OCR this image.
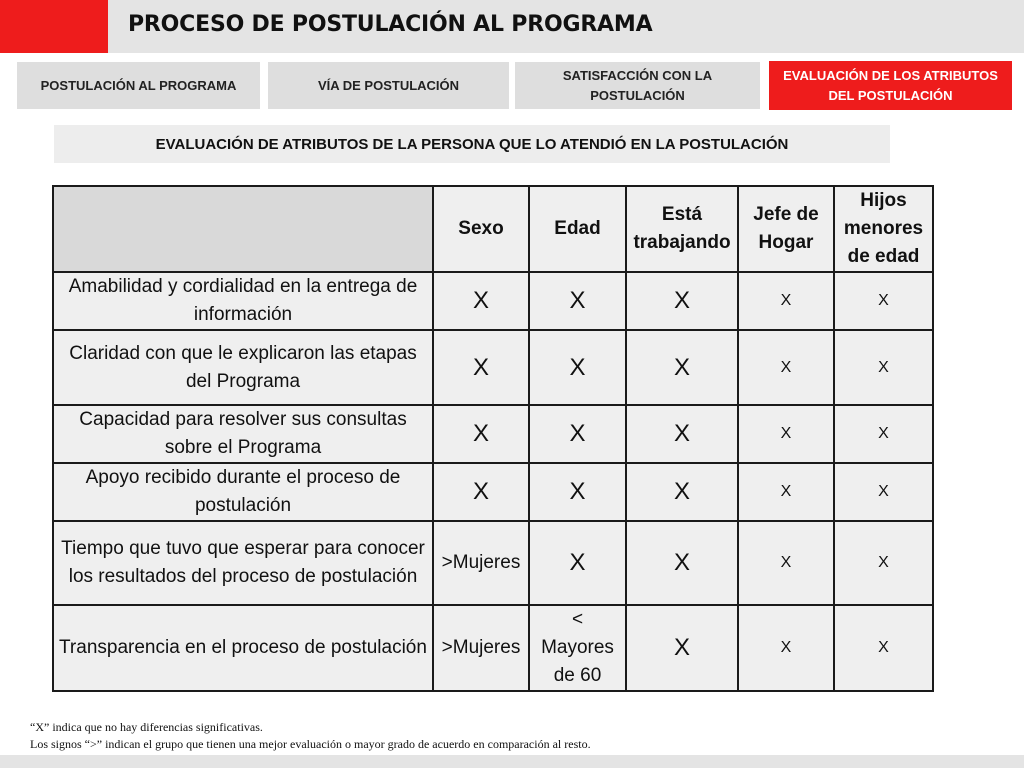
PROCESO DE POSTULACIÓN AL PROGRAMA
POSTULACIÓN AL PROGRAMA	VÍA DE POSTULACIÓN
SATISFACCIÓN CON LA POSTULACIÓN
EVALUACIÓN DE LOS ATRIBUTOS DEL POSTULACIÓN
EVALUACIÓN DE ATRIBUTOS DE LA PERSONA QUE LO ATENDIÓ EN LA POSTULACIÓN
	Sexo	Edad	Está trabajando	Jefe de Hogar	Hijos menores de edad
Amabilidad y cordialidad en la entrega de información	X	X	X	X	X
Claridad con que le explicaron las etapas del Programa	X	X	X	X	X
Capacidad para resolver sus consultas sobre el Programa	X	X	X	X	X
Apoyo recibido durante el proceso de postulación	X	X	X	X	X
Tiempo que tuvo que esperar para conocer los resultados del proceso de postulación	>Mujeres	X	X	X	X
Transparencia en el proceso de postulación	>Mujeres	< Mayores de 60	X	X	X
“X” indica que no hay diferencias significativas.
Los signos “>” indican el grupo que tienen una mejor evaluación o mayor grado de acuerdo en comparación al resto.
